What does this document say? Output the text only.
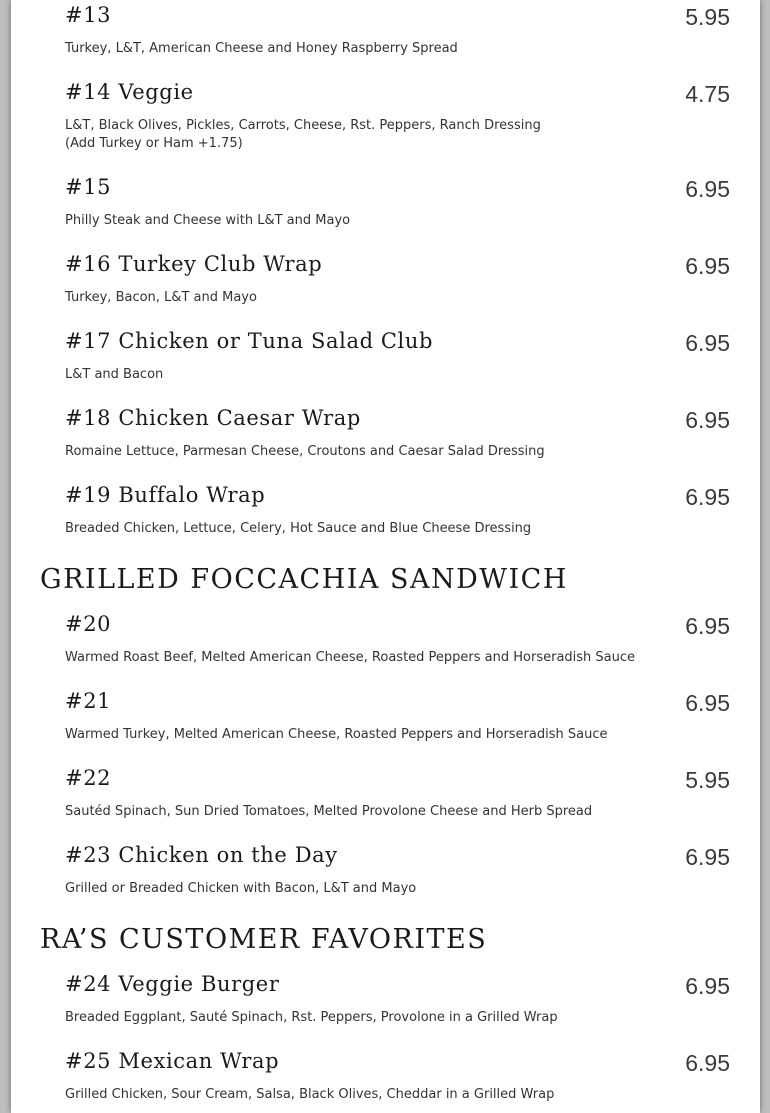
#13	5.95
Turkey, L&T, American Cheese and Honey Raspberry Spread
#14 Veggie	4.75
L&T, Black Olives, Pickles, Carrots, Cheese, Rst. Peppers, Ranch Dressing
(Add Turkey or Ham +1.75)
#15	6.95
Philly Steak and Cheese with L&T and Mayo
#16 Turkey Club Wrap	6.95
Turkey, Bacon, L&T and Mayo
#17 Chicken or Tuna Salad Club	6.95
L&T and Bacon
#18 Chicken Caesar Wrap	6.95
Romaine Lettuce, Parmesan Cheese, Croutons and Caesar Salad Dressing
#19 Buffalo Wrap	6.95
Breaded Chicken, Lettuce, Celery, Hot Sauce and Blue Cheese Dressing
GRILLED FOCCACHIA SANDWICH
#20	6.95
Warmed Roast Beef, Melted American Cheese, Roasted Peppers and Horseradish Sauce
#21	6.95
Warmed Turkey, Melted American Cheese, Roasted Peppers and Horseradish Sauce
#22	5.95
Sautéd Spinach, Sun Dried Tomatoes, Melted Provolone Cheese and Herb Spread
#23 Chicken on the Day	6.95
Grilled or Breaded Chicken with Bacon, L&T and Mayo
RA’S CUSTOMER FAVORITES
#24 Veggie Burger	6.95
Breaded Eggplant, Sauté Spinach, Rst. Peppers, Provolone in a Grilled Wrap
#25 Mexican Wrap	6.95
Grilled Chicken, Sour Cream, Salsa, Black Olives, Cheddar in a Grilled Wrap
